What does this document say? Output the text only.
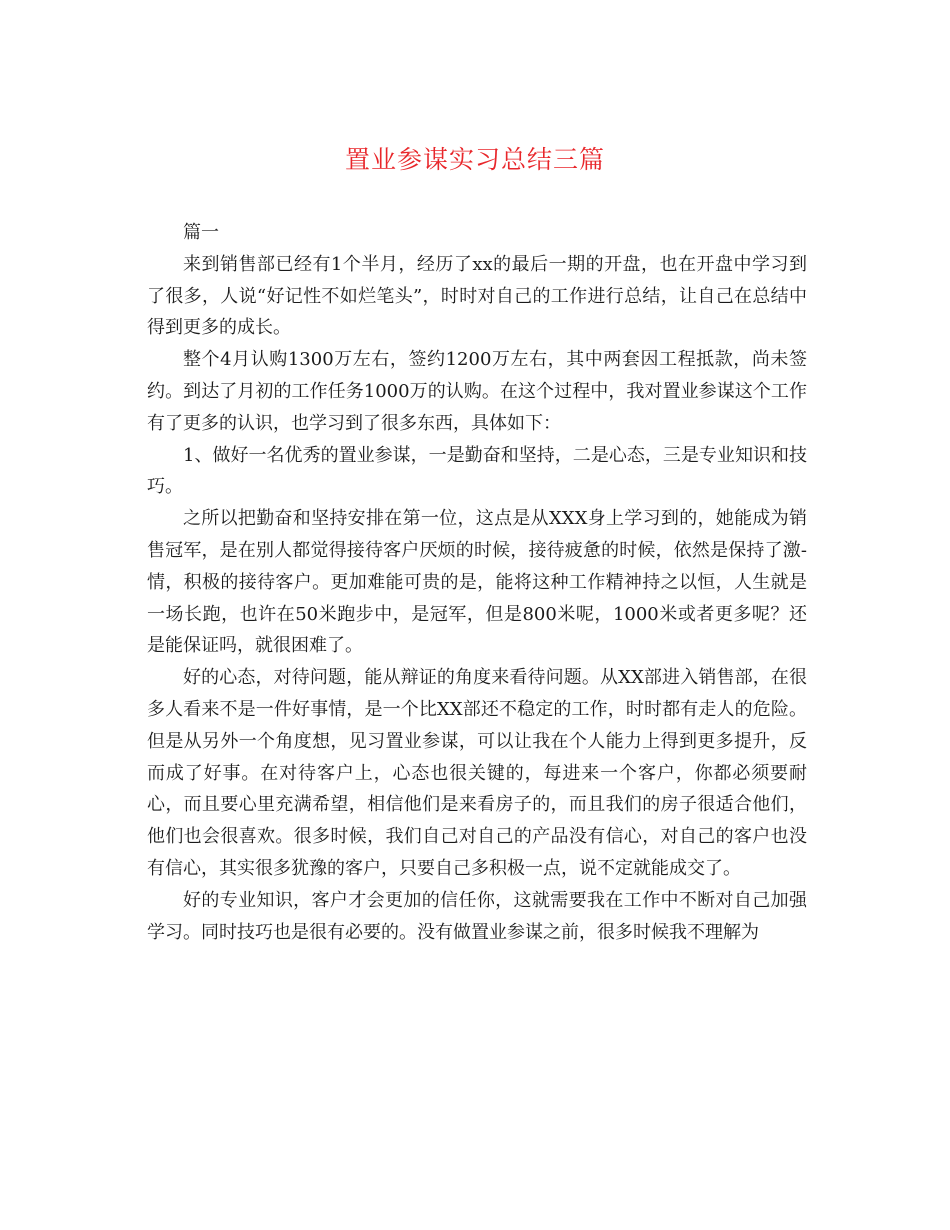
置业参谋实习总结三篇

篇一

来到销售部已经有1个半月，经历了xx的最后一期的开盘，也在开盘中学习到了很多，人说“好记性不如烂笔头”，时时对自己的工作进行总结，让自己在总结中得到更多的成长。

整个4月认购1300万左右，签约1200万左右，其中两套因工程抵款，尚未签约。到达了月初的工作任务1000万的认购。在这个过程中，我对置业参谋这个工作有了更多的认识，也学习到了很多东西，具体如下：

1、做好一名优秀的置业参谋，一是勤奋和坚持，二是心态，三是专业知识和技巧。

之所以把勤奋和坚持安排在第一位，这点是从XXX身上学习到的，她能成为销售冠军，是在别人都觉得接待客户厌烦的时候，接待疲惫的时候，依然是保持了激-情，积极的接待客户。更加难能可贵的是，能将这种工作精神持之以恒，人生就是一场长跑，也许在50米跑步中，是冠军，但是800米呢，1000米或者更多呢？还是能保证吗，就很困难了。

好的心态，对待问题，能从辩证的角度来看待问题。从XX部进入销售部，在很多人看来不是一件好事情，是一个比XX部还不稳定的工作，时时都有走人的危险。但是从另外一个角度想，见习置业参谋，可以让我在个人能力上得到更多提升，反而成了好事。在对待客户上，心态也很关键的，每进来一个客户，你都必须要耐心，而且要心里充满希望，相信他们是来看房子的，而且我们的房子很适合他们，他们也会很喜欢。很多时候，我们自己对自己的产品没有信心，对自己的客户也没有信心，其实很多犹豫的客户，只要自己多积极一点，说不定就能成交了。

好的专业知识，客户才会更加的信任你，这就需要我在工作中不断对自己加强学习。同时技巧也是很有必要的。没有做置业参谋之前，很多时候我不理解为
